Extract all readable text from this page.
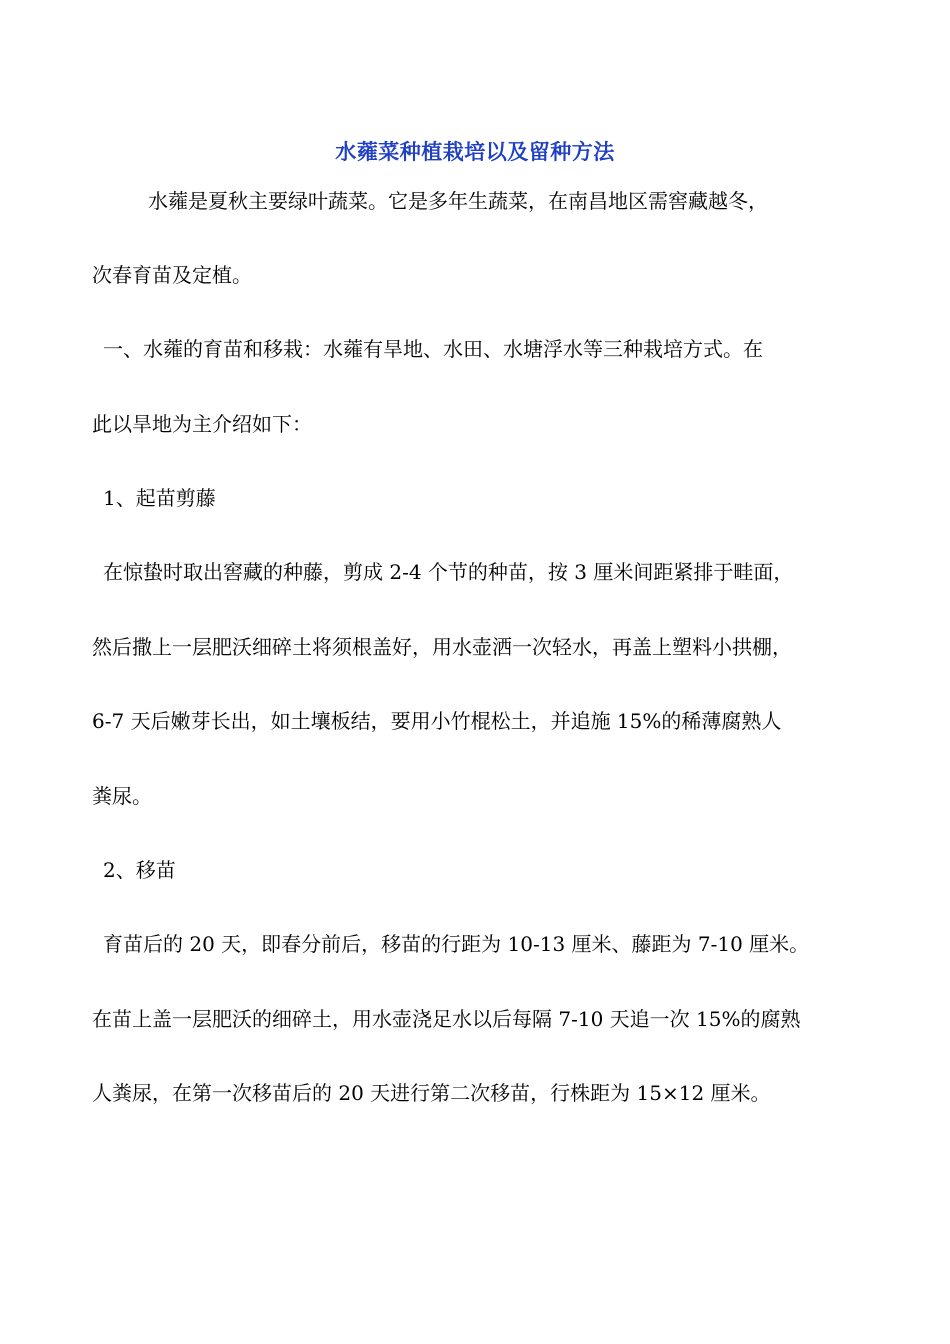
水蕹菜种植栽培以及留种方法
水蕹是夏秋主要绿叶蔬菜。它是多年生蔬菜，在南昌地区需窖藏越冬，
次春育苗及定植。
一、水蕹的育苗和移栽：水蕹有旱地、水田、水塘浮水等三种栽培方式。在
此以旱地为主介绍如下：
1、起苗剪藤
在惊蛰时取出窖藏的种藤，剪成 2-4 个节的种苗，按 3 厘米间距紧排于畦面，
然后撒上一层肥沃细碎土将须根盖好，用水壶洒一次轻水，再盖上塑料小拱棚，
6-7 天后嫩芽长出，如土壤板结，要用小竹棍松土，并追施 15%的稀薄腐熟人
粪尿。
2、移苗
育苗后的 20 天，即春分前后，移苗的行距为 10-13 厘米、藤距为 7-10 厘米。
在苗上盖一层肥沃的细碎土，用水壶浇足水以后每隔 7-10 天追一次 15%的腐熟
人粪尿，在第一次移苗后的 20 天进行第二次移苗，行株距为 15×12 厘米。
